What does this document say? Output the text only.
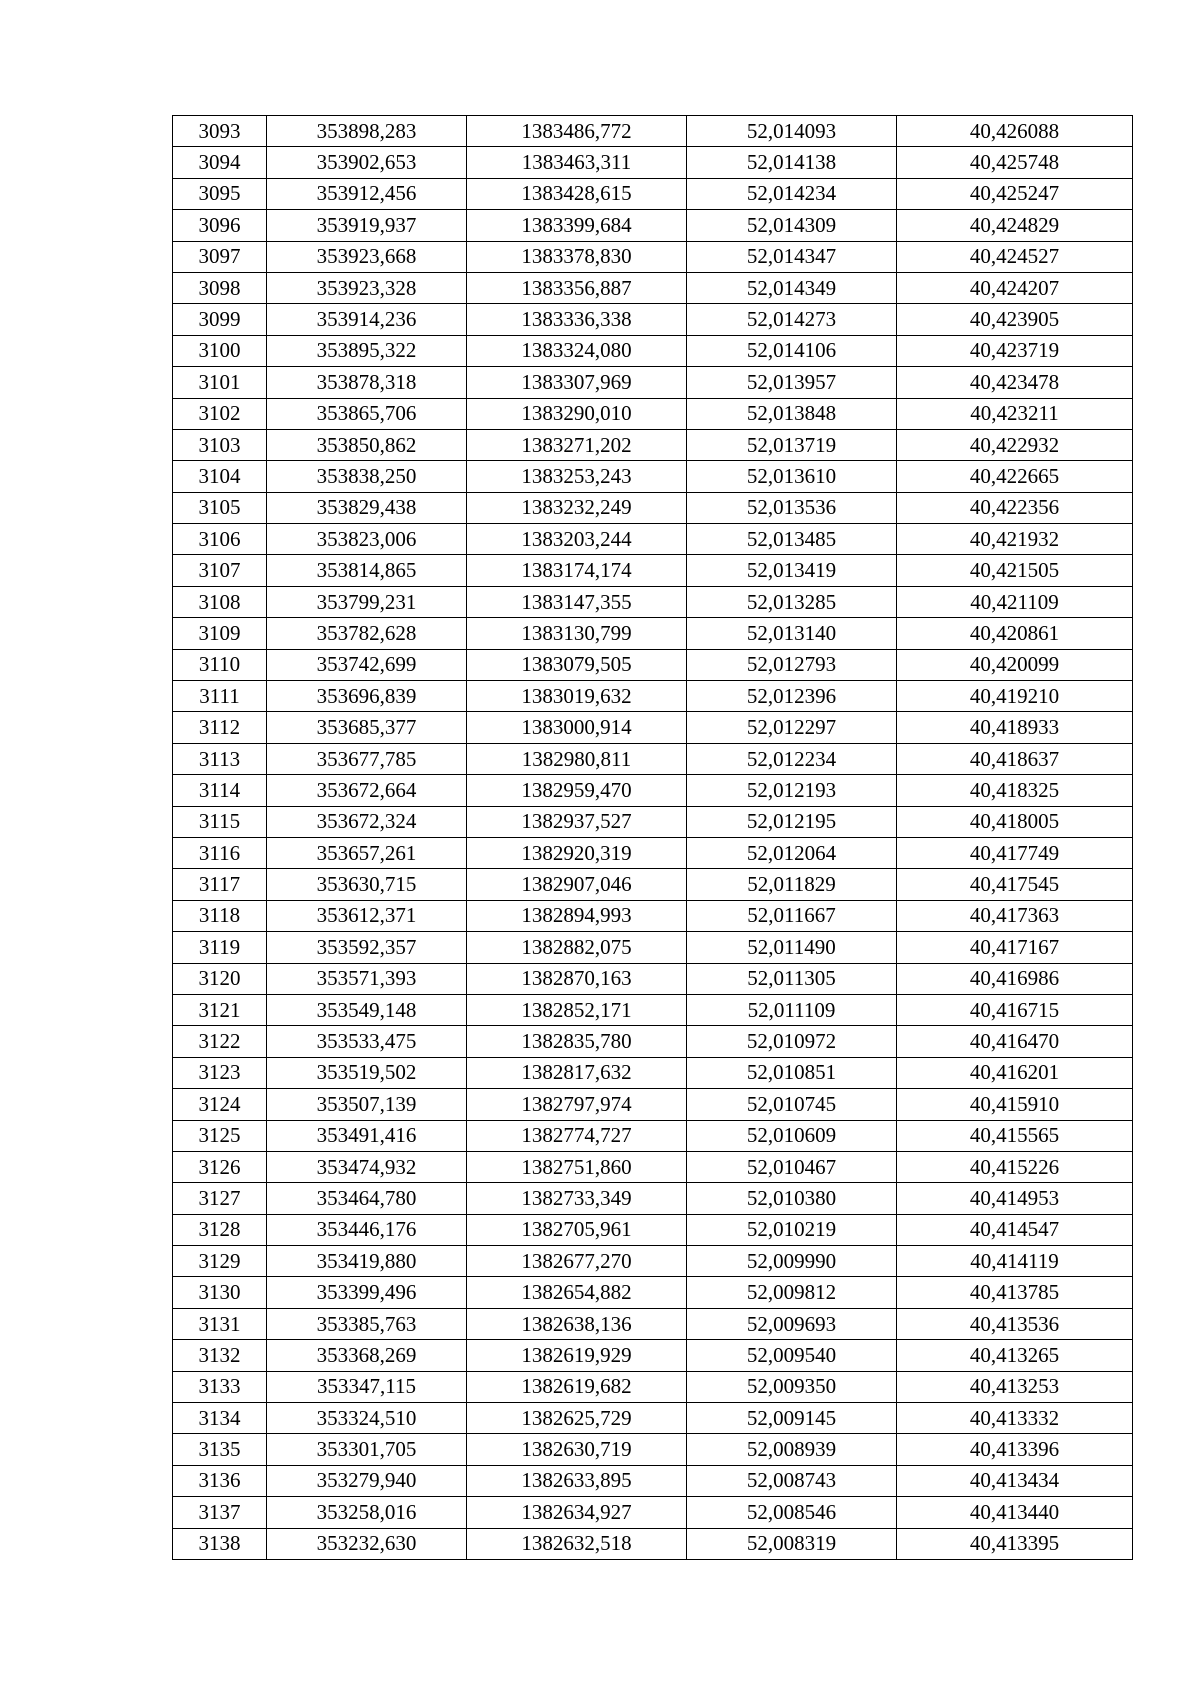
3093	353898,283	1383486,772	52,014093	40,426088
3094	353902,653	1383463,311	52,014138	40,425748
3095	353912,456	1383428,615	52,014234	40,425247
3096	353919,937	1383399,684	52,014309	40,424829
3097	353923,668	1383378,830	52,014347	40,424527
3098	353923,328	1383356,887	52,014349	40,424207
3099	353914,236	1383336,338	52,014273	40,423905
3100	353895,322	1383324,080	52,014106	40,423719
3101	353878,318	1383307,969	52,013957	40,423478
3102	353865,706	1383290,010	52,013848	40,423211
3103	353850,862	1383271,202	52,013719	40,422932
3104	353838,250	1383253,243	52,013610	40,422665
3105	353829,438	1383232,249	52,013536	40,422356
3106	353823,006	1383203,244	52,013485	40,421932
3107	353814,865	1383174,174	52,013419	40,421505
3108	353799,231	1383147,355	52,013285	40,421109
3109	353782,628	1383130,799	52,013140	40,420861
3110	353742,699	1383079,505	52,012793	40,420099
3111	353696,839	1383019,632	52,012396	40,419210
3112	353685,377	1383000,914	52,012297	40,418933
3113	353677,785	1382980,811	52,012234	40,418637
3114	353672,664	1382959,470	52,012193	40,418325
3115	353672,324	1382937,527	52,012195	40,418005
3116	353657,261	1382920,319	52,012064	40,417749
3117	353630,715	1382907,046	52,011829	40,417545
3118	353612,371	1382894,993	52,011667	40,417363
3119	353592,357	1382882,075	52,011490	40,417167
3120	353571,393	1382870,163	52,011305	40,416986
3121	353549,148	1382852,171	52,011109	40,416715
3122	353533,475	1382835,780	52,010972	40,416470
3123	353519,502	1382817,632	52,010851	40,416201
3124	353507,139	1382797,974	52,010745	40,415910
3125	353491,416	1382774,727	52,010609	40,415565
3126	353474,932	1382751,860	52,010467	40,415226
3127	353464,780	1382733,349	52,010380	40,414953
3128	353446,176	1382705,961	52,010219	40,414547
3129	353419,880	1382677,270	52,009990	40,414119
3130	353399,496	1382654,882	52,009812	40,413785
3131	353385,763	1382638,136	52,009693	40,413536
3132	353368,269	1382619,929	52,009540	40,413265
3133	353347,115	1382619,682	52,009350	40,413253
3134	353324,510	1382625,729	52,009145	40,413332
3135	353301,705	1382630,719	52,008939	40,413396
3136	353279,940	1382633,895	52,008743	40,413434
3137	353258,016	1382634,927	52,008546	40,413440
3138	353232,630	1382632,518	52,008319	40,413395
